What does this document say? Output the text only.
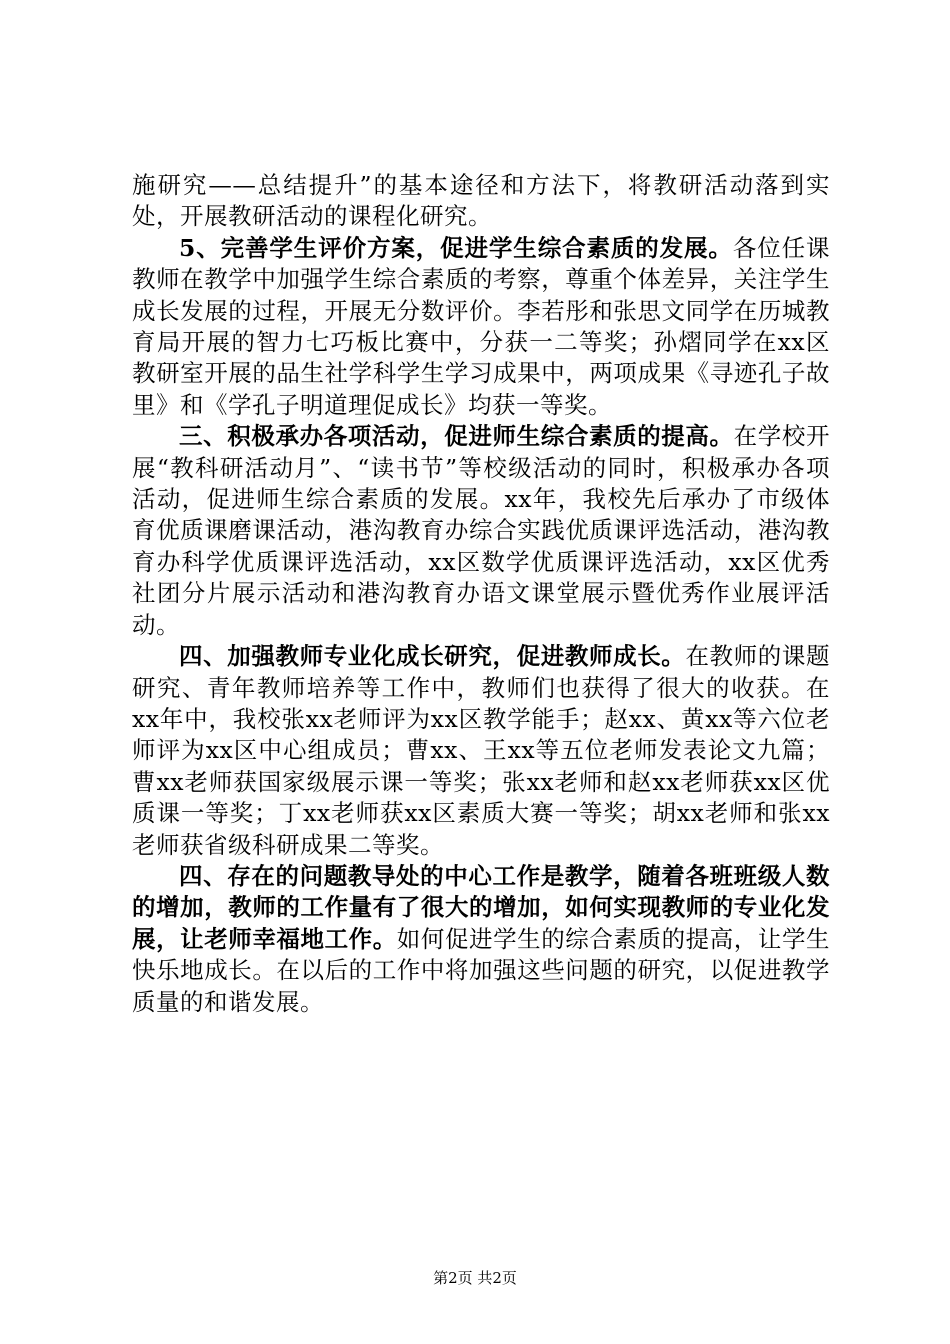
施研究——总结提升”的基本途径和方法下，将教研活动落到实处，开展教研活动的课程化研究。

5、完善学生评价方案，促进学生综合素质的发展。各位任课教师在教学中加强学生综合素质的考察，尊重个体差异，关注学生成长发展的过程，开展无分数评价。李若彤和张思文同学在历城教育局开展的智力七巧板比赛中，分获一二等奖；孙熠同学在xx区教研室开展的品生社学科学生学习成果中，两项成果《寻迹孔子故里》和《学孔子明道理促成长》均获一等奖。

三、积极承办各项活动，促进师生综合素质的提高。在学校开展“教科研活动月”、“读书节”等校级活动的同时，积极承办各项活动，促进师生综合素质的发展。xx年，我校先后承办了市级体育优质课磨课活动，港沟教育办综合实践优质课评选活动，港沟教育办科学优质课评选活动，xx区数学优质课评选活动，xx区优秀社团分片展示活动和港沟教育办语文课堂展示暨优秀作业展评活动。

四、加强教师专业化成长研究，促进教师成长。在教师的课题研究、青年教师培养等工作中，教师们也获得了很大的收获。在xx年中，我校张xx老师评为xx区教学能手；赵xx、黄xx等六位老师评为xx区中心组成员；曹xx、王xx等五位老师发表论文九篇；曹xx老师获国家级展示课一等奖；张xx老师和赵xx老师获xx区优质课一等奖；丁xx老师获xx区素质大赛一等奖；胡xx老师和张xx老师获省级科研成果二等奖。

四、存在的问题教导处的中心工作是教学，随着各班班级人数的增加，教师的工作量有了很大的增加，如何实现教师的专业化发展，让老师幸福地工作。如何促进学生的综合素质的提高，让学生快乐地成长。在以后的工作中将加强这些问题的研究，以促进教学质量的和谐发展。

第2页 共2页
